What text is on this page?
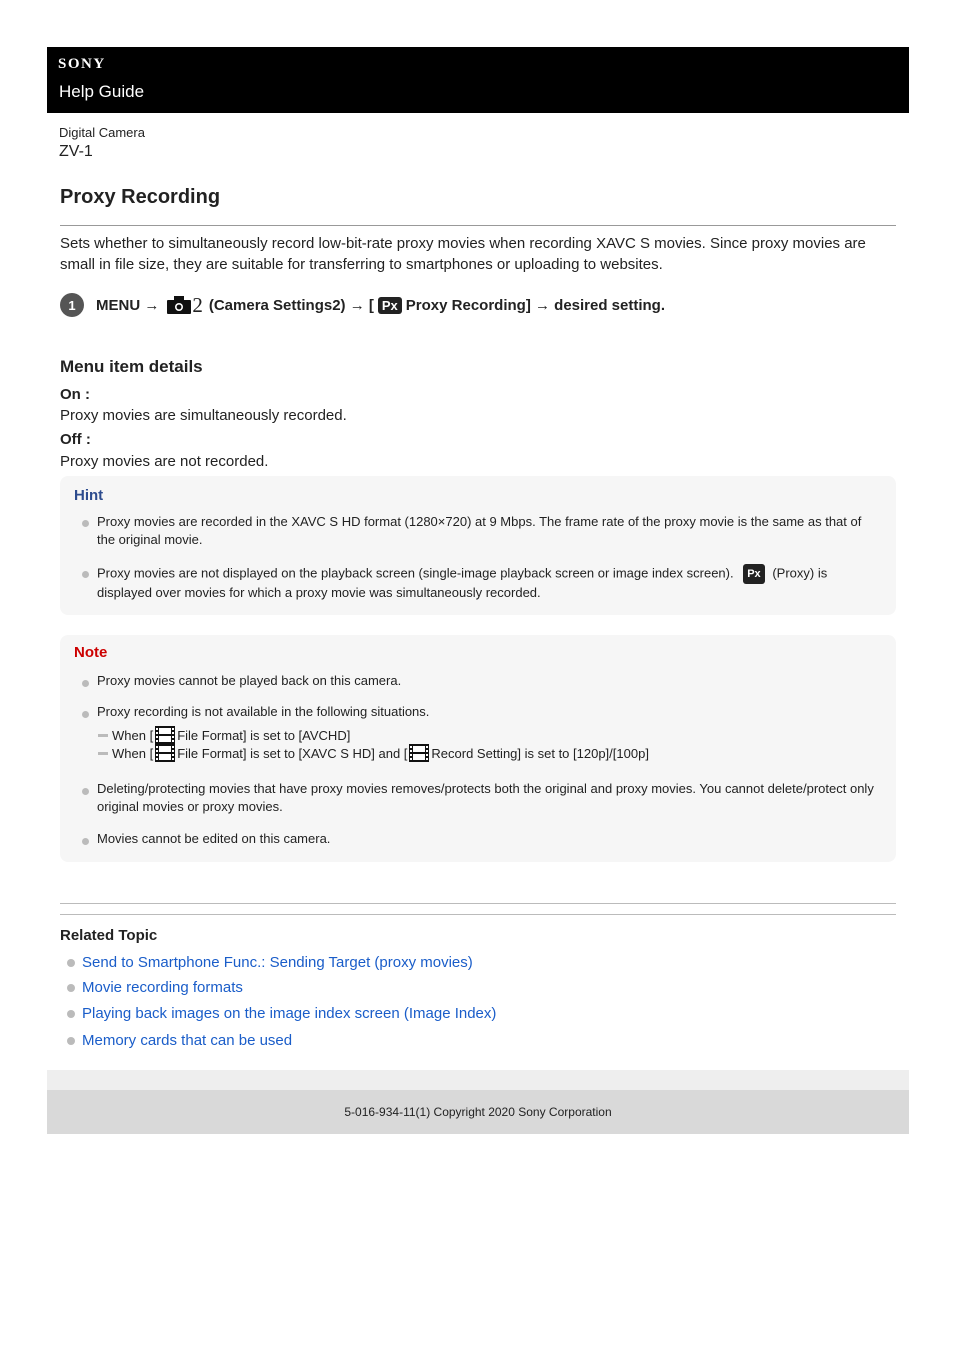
SONY
Help Guide
Digital Camera
ZV-1
Proxy Recording
Sets whether to simultaneously record low-bit-rate proxy movies when recording XAVC S movies. Since proxy movies are small in file size, they are suitable for transferring to smartphones or uploading to websites.
1	MENU → 2 (Camera Settings2) → [ Px Proxy Recording] → desired setting.
Menu item details
On :
Proxy movies are simultaneously recorded.
Off :
Proxy movies are not recorded.
Hint
Proxy movies are recorded in the XAVC S HD format (1280×720) at 9 Mbps. The frame rate of the proxy movie is the same as that of the original movie.
Proxy movies are not displayed on the playback screen (single-image playback screen or image index screen). Px (Proxy) is
displayed over movies for which a proxy movie was simultaneously recorded.
Note
Proxy movies cannot be played back on this camera.
Proxy recording is not available in the following situations.
When [ File Format] is set to [AVCHD]
When [ File Format] is set to [XAVC S HD] and [ Record Setting] is set to [120p]/[100p]
Deleting/protecting movies that have proxy movies removes/protects both the original and proxy movies. You cannot delete/protect only original movies or proxy movies.
Movies cannot be edited on this camera.
Related Topic
Send to Smartphone Func.: Sending Target (proxy movies)
Movie recording formats
Playing back images on the image index screen (Image Index)
Memory cards that can be used
5-016-934-11(1) Copyright 2020 Sony Corporation
